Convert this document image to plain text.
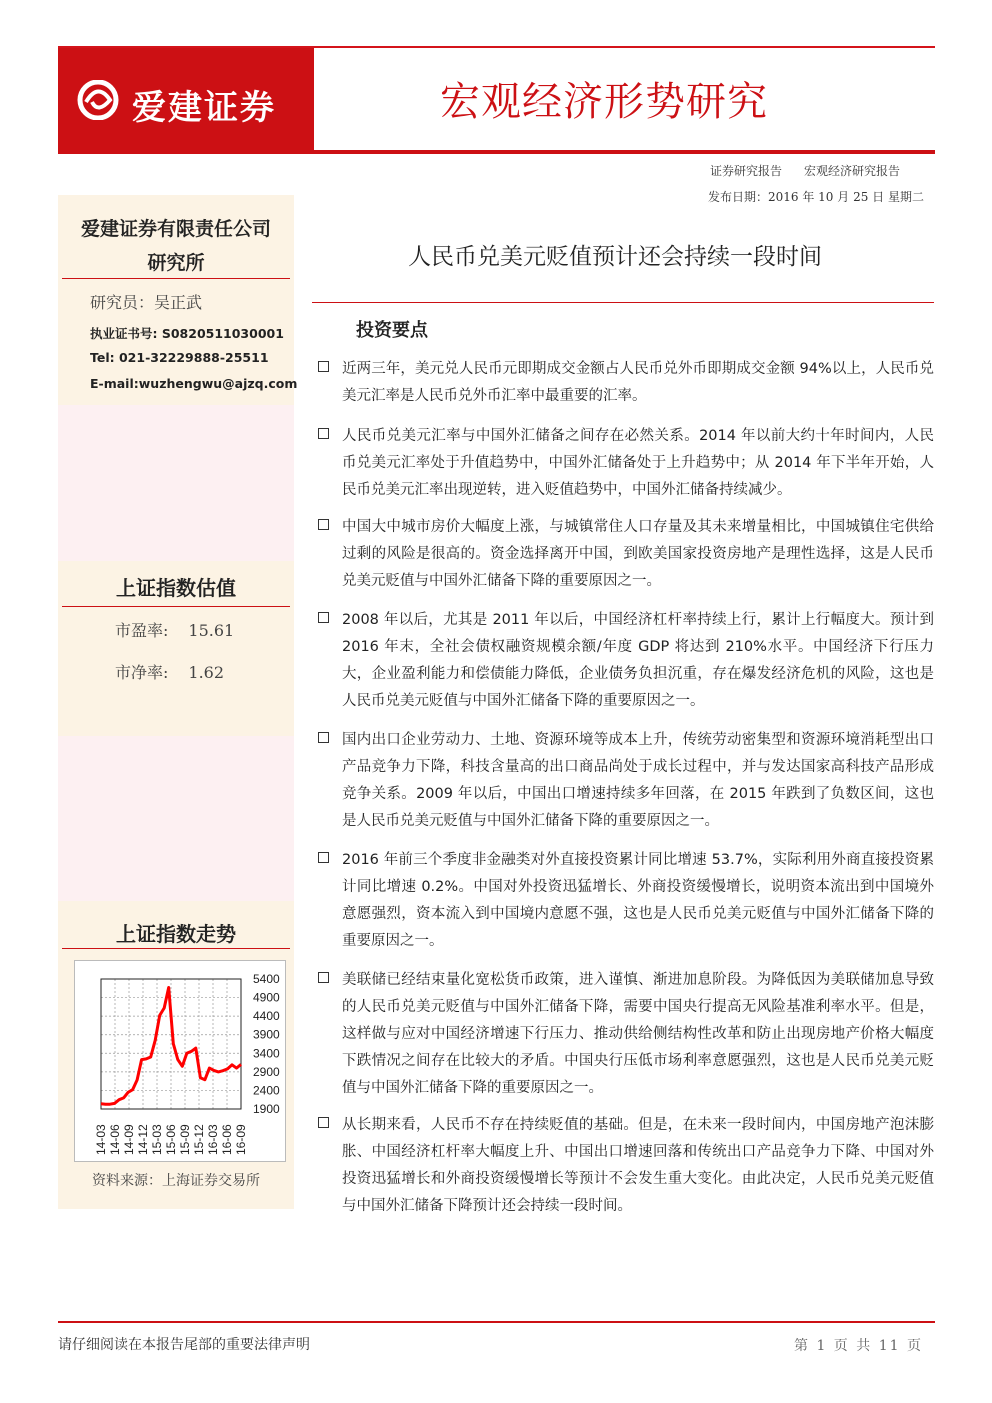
爱建证券	宏观经济形势研究
证券研究报告 宏观经济研究报告
发布日期：2016 年 10 月 25 日 星期二
爱建证券有限责任公司
研究所
研究员：吴正武
执业证书号: S0820511030001
Tel: 021-32229888-25511
E-mail:wuzhengwu@ajzq.com
上证指数估值
市盈率: 15.61
市净率: 1.62
上证指数走势
5400
4900
4400
3900
3400
2900
2400
1900
14-03 14-06 14-09 14-12 15-03 15-06 15-09 15-12 16-03 16-06 16-09
资料来源：上海证券交易所
人民币兑美元贬值预计还会持续一段时间
投资要点
近两三年，美元兑人民币元即期成交金额占人民币兑外币即期成交金额 94%以上，人民币兑美元汇率是人民币兑外币汇率中最重要的汇率。
人民币兑美元汇率与中国外汇储备之间存在必然关系。2014 年以前大约十年时间内，人民币兑美元汇率处于升值趋势中，中国外汇储备处于上升趋势中；从 2014 年下半年开始，人民币兑美元汇率出现逆转，进入贬值趋势中，中国外汇储备持续减少。
中国大中城市房价大幅度上涨，与城镇常住人口存量及其未来增量相比，中国城镇住宅供给过剩的风险是很高的。资金选择离开中国，到欧美国家投资房地产是理性选择，这是人民币兑美元贬值与中国外汇储备下降的重要原因之一。
2008 年以后，尤其是 2011 年以后，中国经济杠杆率持续上行，累计上行幅度大。预计到 2016 年末，全社会债权融资规模余额/年度 GDP 将达到 210%水平。中国经济下行压力大，企业盈利能力和偿债能力降低，企业债务负担沉重，存在爆发经济危机的风险，这也是人民币兑美元贬值与中国外汇储备下降的重要原因之一。
国内出口企业劳动力、土地、资源环境等成本上升，传统劳动密集型和资源环境消耗型出口产品竞争力下降，科技含量高的出口商品尚处于成长过程中，并与发达国家高科技产品形成竞争关系。2009 年以后，中国出口增速持续多年回落，在 2015 年跌到了负数区间，这也是人民币兑美元贬值与中国外汇储备下降的重要原因之一。
2016 年前三个季度非金融类对外直接投资累计同比增速 53.7%，实际利用外商直接投资累计同比增速 0.2%。中国对外投资迅猛增长、外商投资缓慢增长，说明资本流出到中国境外意愿强烈，资本流入到中国境内意愿不强，这也是人民币兑美元贬值与中国外汇储备下降的重要原因之一。
美联储已经结束量化宽松货币政策，进入谨慎、渐进加息阶段。为降低因为美联储加息导致的人民币兑美元贬值与中国外汇储备下降，需要中国央行提高无风险基准利率水平。但是，这样做与应对中国经济增速下行压力、推动供给侧结构性改革和防止出现房地产价格大幅度下跌情况之间存在比较大的矛盾。中国央行压低市场利率意愿强烈，这也是人民币兑美元贬值与中国外汇储备下降的重要原因之一。
从长期来看，人民币不存在持续贬值的基础。但是，在未来一段时间内，中国房地产泡沫膨胀、中国经济杠杆率大幅度上升、中国出口增速回落和传统出口产品竞争力下降、中国对外投资迅猛增长和外商投资缓慢增长等预计不会发生重大变化。由此决定，人民币兑美元贬值与中国外汇储备下降预计还会持续一段时间。
请仔细阅读在本报告尾部的重要法律声明	第 1 页 共 11 页
